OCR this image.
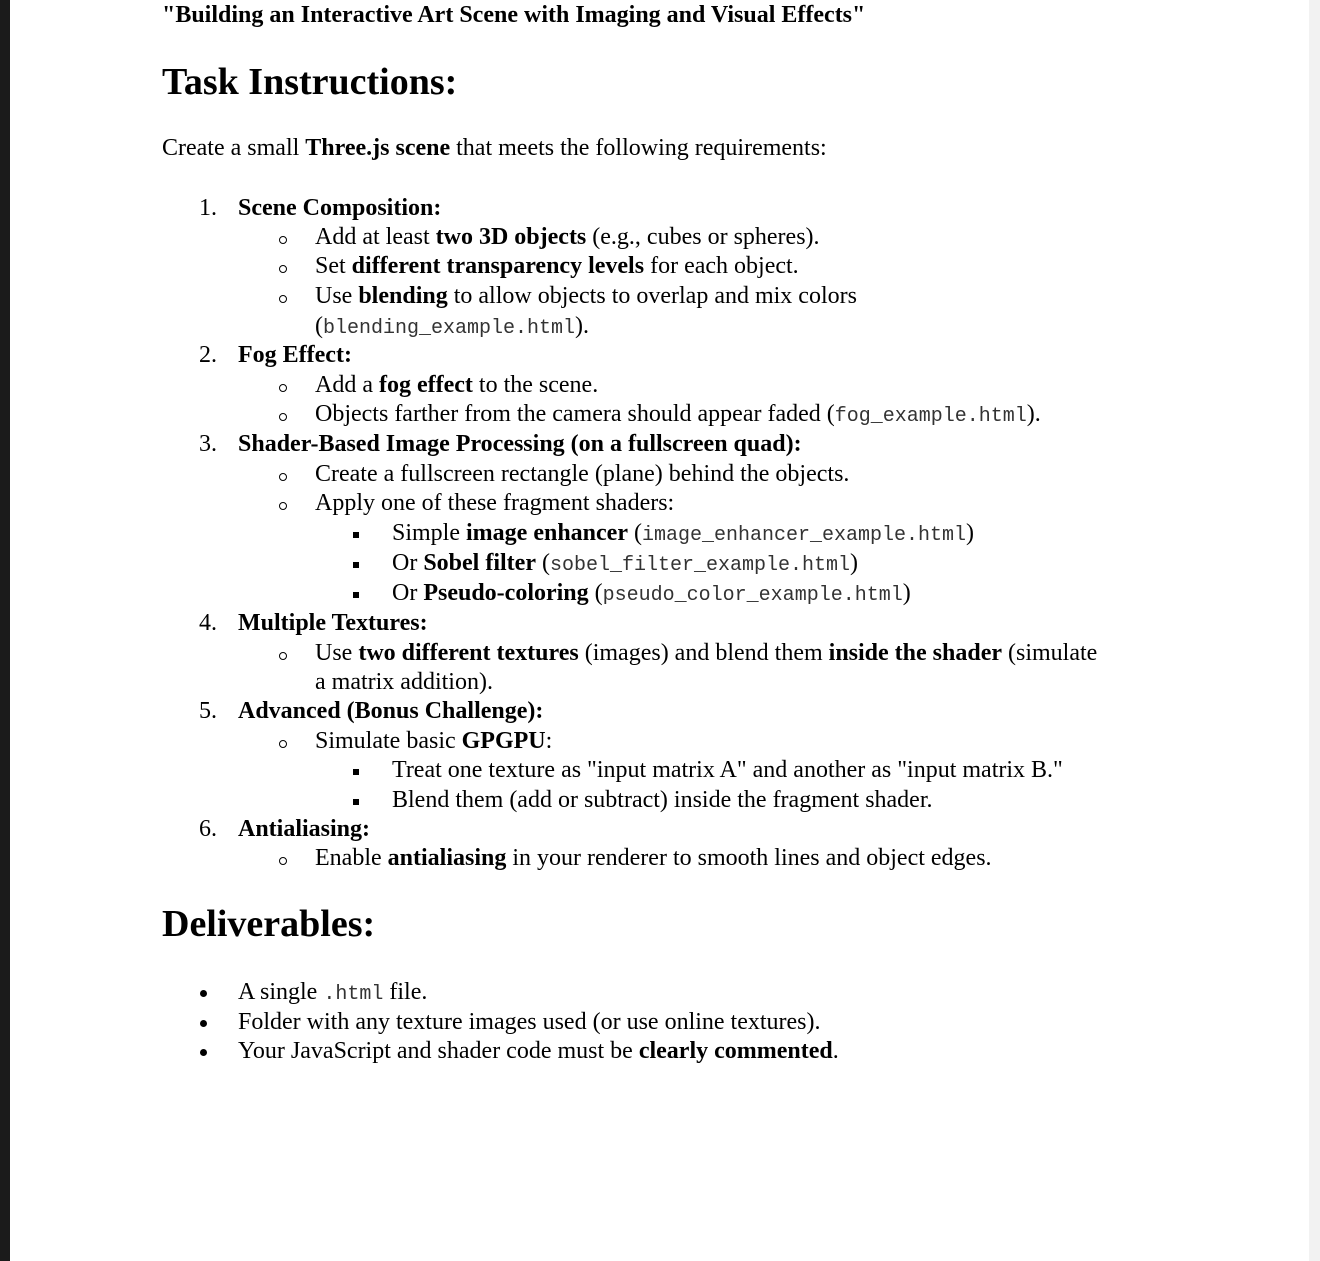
"Building an Interactive Art Scene with Imaging and Visual Effects"
Task Instructions:

Create a small Three.js scene that meets the following requirements:

1. Scene Composition:
Add at least two 3D objects (e.g., cubes or spheres).
Set different transparency levels for each object.
Use blending to allow objects to overlap and mix colors
(blending_example.html).
2. Fog Effect:
Add a fog effect to the scene.
Objects farther from the camera should appear faded (fog_example.html).
3. Shader-Based Image Processing (on a fullscreen quad):
Create a fullscreen rectangle (plane) behind the objects.
Apply one of these fragment shaders:
Simple image enhancer (image_enhancer_example.html)
Or Sobel filter (sobel_filter_example.html)
Or Pseudo-coloring (pseudo_color_example.html)
4. Multiple Textures:
Use two different textures (images) and blend them inside the shader (simulate
a matrix addition).
5. Advanced (Bonus Challenge):
Simulate basic GPGPU:
Treat one texture as "input matrix A" and another as "input matrix B."
Blend them (add or subtract) inside the fragment shader.
6. Antialiasing:
Enable antialiasing in your renderer to smooth lines and object edges.
Deliverables:
A single .html file.
Folder with any texture images used (or use online textures).
Your JavaScript and shader code must be clearly commented.
